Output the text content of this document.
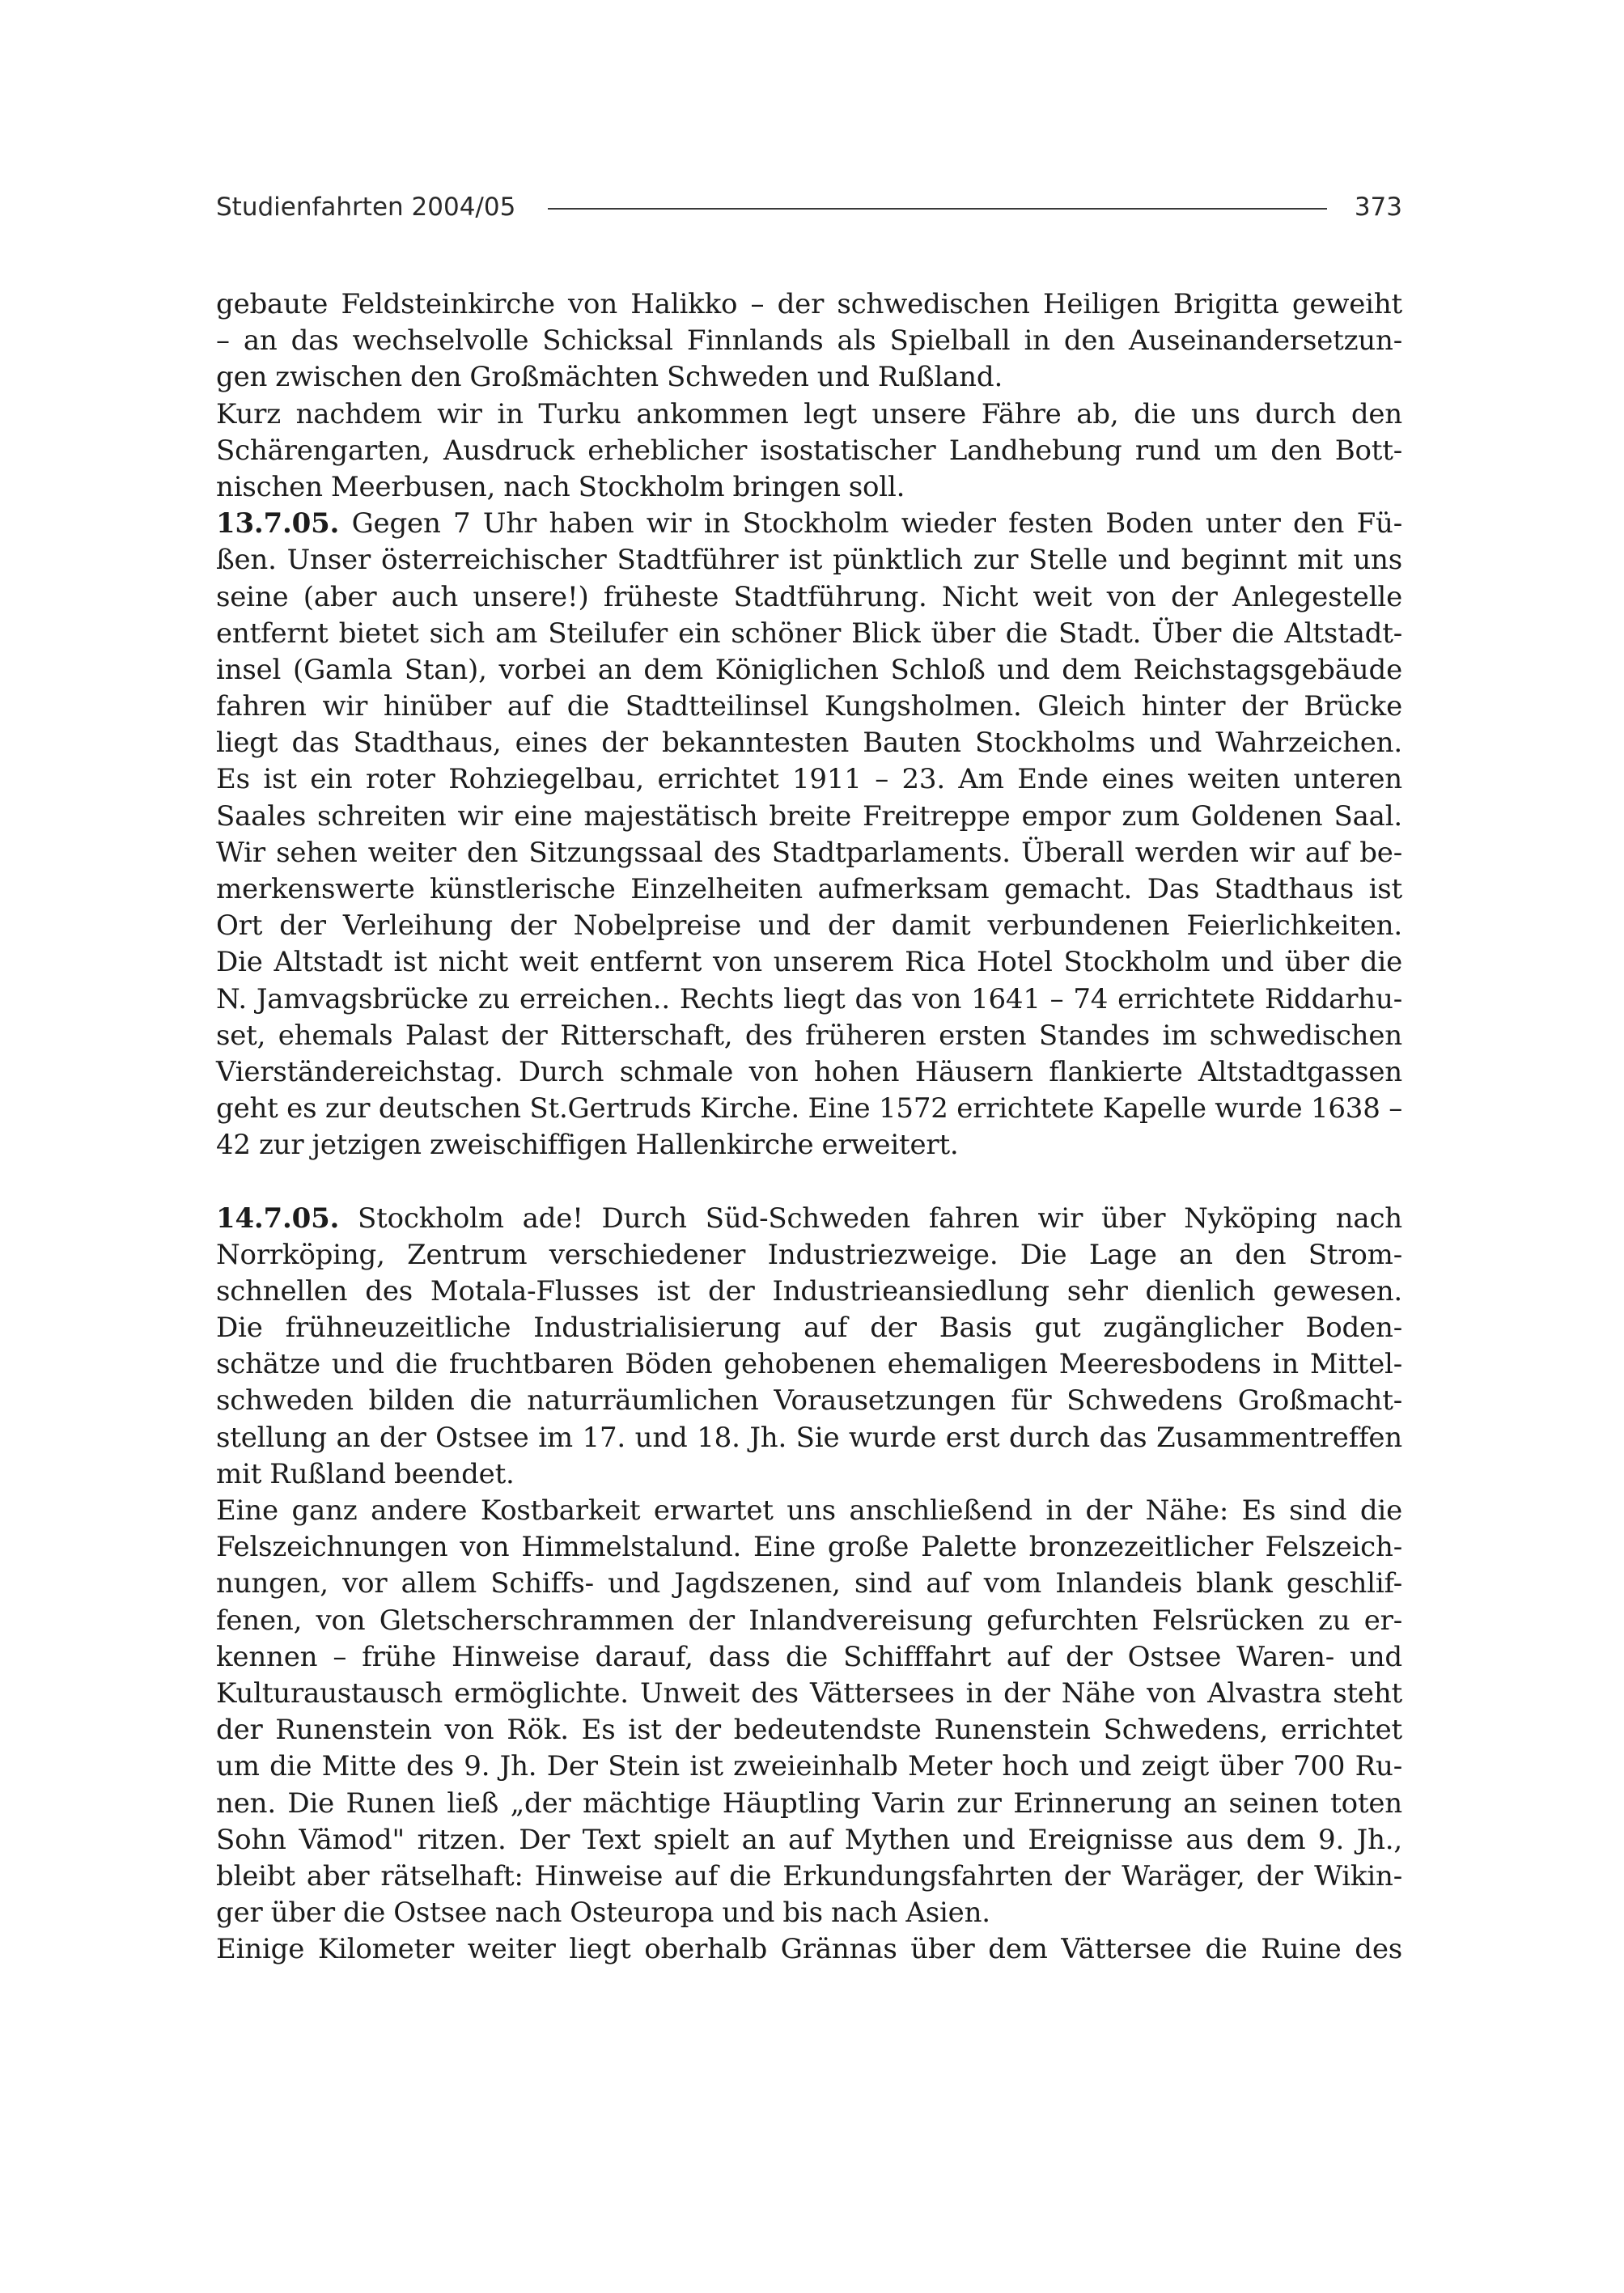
Studienfahrten 2004/05	373
gebaute Feldsteinkirche von Halikko – der schwedischen Heiligen Brigitta geweiht
– an das wechselvolle Schicksal Finnlands als Spielball in den Auseinandersetzun-
gen zwischen den Großmächten Schweden und Rußland.
Kurz nachdem wir in Turku ankommen legt unsere Fähre ab, die uns durch den
Schärengarten, Ausdruck erheblicher isostatischer Landhebung rund um den Bott-
nischen Meerbusen, nach Stockholm bringen soll.
13.7.05. Gegen 7 Uhr haben wir in Stockholm wieder festen Boden unter den Fü-
ßen. Unser österreichischer Stadtführer ist pünktlich zur Stelle und beginnt mit uns
seine (aber auch unsere!) früheste Stadtführung. Nicht weit von der Anlegestelle
entfernt bietet sich am Steilufer ein schöner Blick über die Stadt. Über die Altstadt-
insel (Gamla Stan), vorbei an dem Königlichen Schloß und dem Reichstagsgebäude
fahren wir hinüber auf die Stadtteilinsel Kungsholmen. Gleich hinter der Brücke
liegt das Stadthaus, eines der bekanntesten Bauten Stockholms und Wahrzeichen.
Es ist ein roter Rohziegelbau, errichtet 1911 – 23. Am Ende eines weiten unteren
Saales schreiten wir eine majestätisch breite Freitreppe empor zum Goldenen Saal.
Wir sehen weiter den Sitzungssaal des Stadtparlaments. Überall werden wir auf be-
merkenswerte künstlerische Einzelheiten aufmerksam gemacht. Das Stadthaus ist
Ort der Verleihung der Nobelpreise und der damit verbundenen Feierlichkeiten.
Die Altstadt ist nicht weit entfernt von unserem Rica Hotel Stockholm und über die
N. Jamvagsbrücke zu erreichen.. Rechts liegt das von 1641 – 74 errichtete Riddarhu-
set, ehemals Palast der Ritterschaft, des früheren ersten Standes im schwedischen
Vierständereichstag. Durch schmale von hohen Häusern flankierte Altstadtgassen
geht es zur deutschen St.Gertruds Kirche. Eine 1572 errichtete Kapelle wurde 1638 –
42 zur jetzigen zweischiffigen Hallenkirche erweitert.
14.7.05. Stockholm ade! Durch Süd-Schweden fahren wir über Nyköping nach
Norrköping, Zentrum verschiedener Industriezweige. Die Lage an den Strom-
schnellen des Motala-Flusses ist der Industrieansiedlung sehr dienlich gewesen.
Die frühneuzeitliche Industrialisierung auf der Basis gut zugänglicher Boden-
schätze und die fruchtbaren Böden gehobenen ehemaligen Meeresbodens in Mittel-
schweden bilden die naturräumlichen Vorausetzungen für Schwedens Großmacht-
stellung an der Ostsee im 17. und 18. Jh. Sie wurde erst durch das Zusammentreffen
mit Rußland beendet.
Eine ganz andere Kostbarkeit erwartet uns anschließend in der Nähe: Es sind die
Felszeichnungen von Himmelstalund. Eine große Palette bronzezeitlicher Felszeich-
nungen, vor allem Schiffs- und Jagdszenen, sind auf vom Inlandeis blank geschlif-
fenen, von Gletscherschrammen der Inlandvereisung gefurchten Felsrücken zu er-
kennen – frühe Hinweise darauf, dass die Schifffahrt auf der Ostsee Waren- und
Kulturaustausch ermöglichte. Unweit des Vättersees in der Nähe von Alvastra steht
der Runenstein von Rök. Es ist der bedeutendste Runenstein Schwedens, errichtet
um die Mitte des 9. Jh. Der Stein ist zweieinhalb Meter hoch und zeigt über 700 Ru-
nen. Die Runen ließ „der mächtige Häuptling Varin zur Erinnerung an seinen toten
Sohn Vämod" ritzen. Der Text spielt an auf Mythen und Ereignisse aus dem 9. Jh.,
bleibt aber rätselhaft: Hinweise auf die Erkundungsfahrten der Waräger, der Wikin-
ger über die Ostsee nach Osteuropa und bis nach Asien.
Einige Kilometer weiter liegt oberhalb Grännas über dem Vättersee die Ruine des
